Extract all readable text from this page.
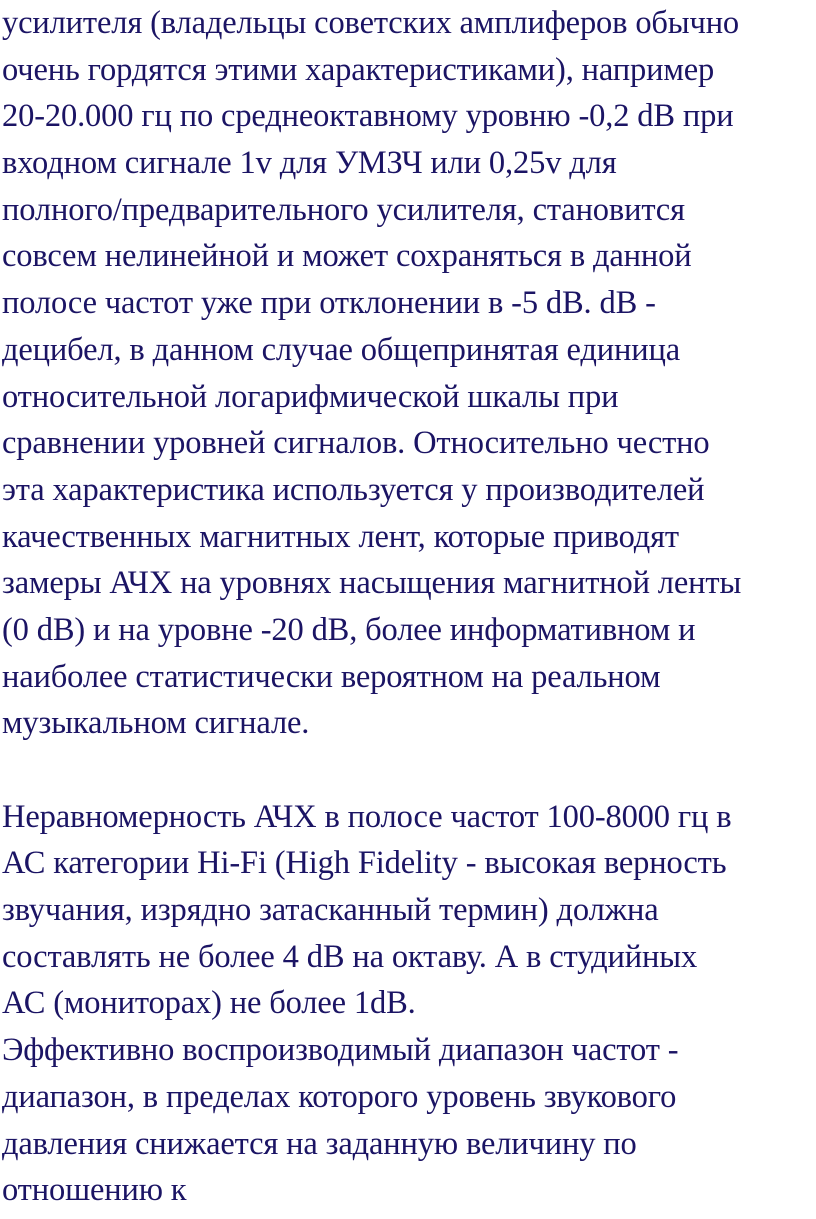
усилителя (владельцы советских амплиферов обычно
очень гордятся этими характеристиками), например
20-20.000 гц по среднеоктавному уровню -0,2 dB при
входном сигнале 1v для УМЗЧ или 0,25v для
полного/предварительного усилителя, становится
совсем нелинейной и может сохраняться в данной
полосе частот уже при отклонении в -5 dB. dB -
децибел, в данном случае общепринятая единица
относительной логарифмической шкалы при
сравнении уровней сигналов. Относительно честно
эта характеристика используется у производителей
качественных магнитных лент, которые приводят
замеры АЧХ на уровнях насыщения магнитной ленты
(0 dB) и на уровне -20 dB, более информативном и
наиболее статистически вероятном на реальном
музыкальном сигнале.
Неравномерность АЧХ в полосе частот 100-8000 гц в
АС категории Hi-Fi (High Fidelity - высокая верность
звучания, изрядно затасканный термин) должна
составлять не более 4 dB на октаву. А в студийных
АС (мониторах) не более 1dB.
Эффективно воспроизводимый диапазон частот -
диапазон, в пределах которого уровень звукового
давления снижается на заданную величину по
отношению к
